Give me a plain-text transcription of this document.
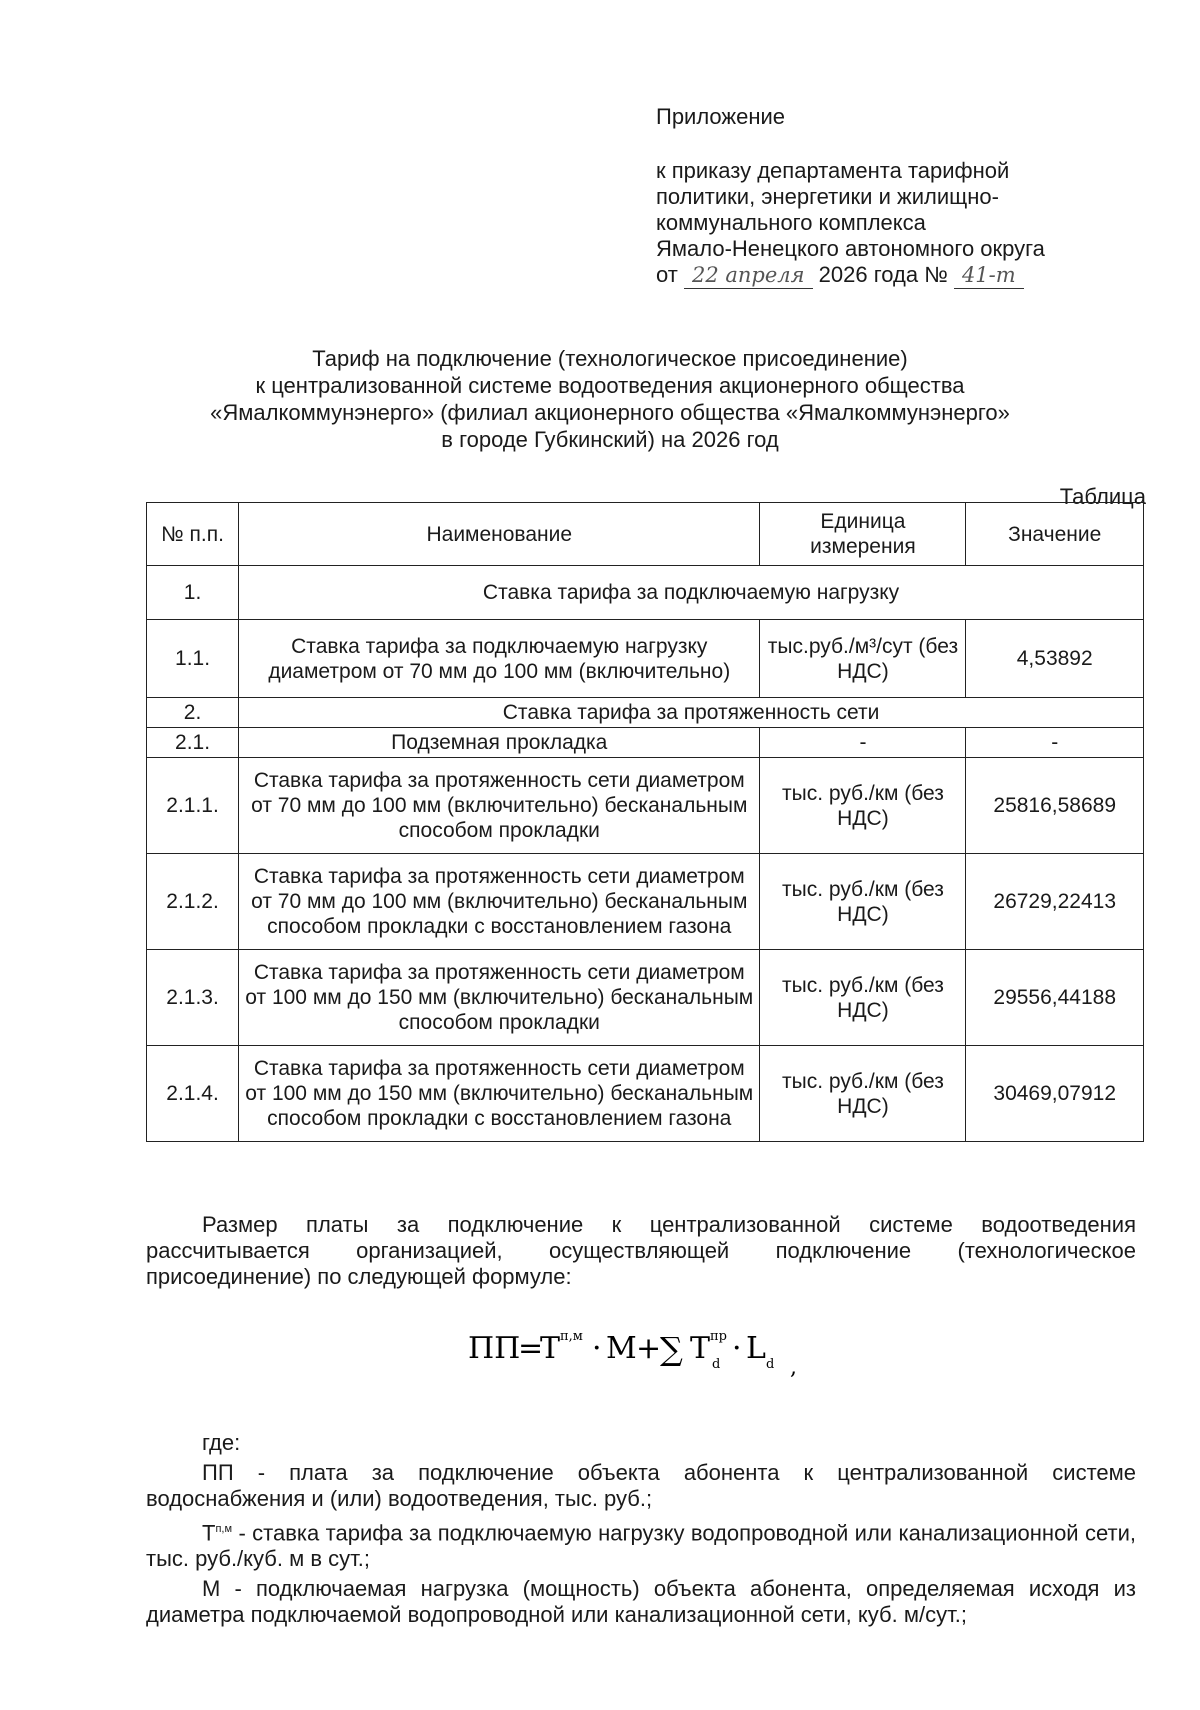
Приложение
к приказу департамента тарифной
политики, энергетики и жилищно-
коммунального комплекса
Ямало-Ненецкого автономного округа
от 22 апреля 2026 года № 41-т
Тариф на подключение (технологическое присоединение)
к централизованной системе водоотведения акционерного общества
«Ямалкоммунэнерго» (филиал акционерного общества «Ямалкоммунэнерго»
в городе Губкинский) на 2026 год
Таблица
№ п.п.	Наименование	Единица измерения	Значение
1.	Ставка тарифа за подключаемую нагрузку		
1.1.	Ставка тарифа за подключаемую нагрузку диаметром от 70 мм до 100 мм (включительно)	тыс.руб./м³/сут (без НДС)	4,53892
2.	Ставка тарифа за протяженность сети		
2.1.	Подземная прокладка	-	-
2.1.1.	Ставка тарифа за протяженность сети диаметром от 70 мм до 100 мм (включительно) бесканальным способом прокладки	тыс. руб./км (без НДС)	25816,58689
2.1.2.	Ставка тарифа за протяженность сети диаметром от 70 мм до 100 мм (включительно) бесканальным способом прокладки с восстановлением газона	тыс. руб./км (без НДС)	26729,22413
2.1.3.	Ставка тарифа за протяженность сети диаметром от 100 мм до 150 мм (включительно) бесканальным способом прокладки	тыс. руб./км (без НДС)	29556,44188
2.1.4.	Ставка тарифа за протяженность сети диаметром от 100 мм до 150 мм (включительно) бесканальным способом прокладки с восстановлением газона	тыс. руб./км (без НДС)	30469,07912
Размер платы за подключение к централизованной системе водоотведения рассчитывается организацией, осуществляющей подключение (технологическое присоединение) по следующей формуле:
ПП
=
Т п,м · М +
∑ Т пр
d · L d ,
где:
ПП - плата за подключение объекта абонента к централизованной системе водоснабжения и (или) водоотведения, тыс. руб.;
$Т^{п,м}$ - ставка тарифа за подключаемую нагрузку водопроводной или канализационной сети, тыс. руб./куб. м в сут.;
М - подключаемая нагрузка (мощность) объекта абонента, определяемая исходя из диаметра подключаемой водопроводной или канализационной сети, куб. м/сут.;
